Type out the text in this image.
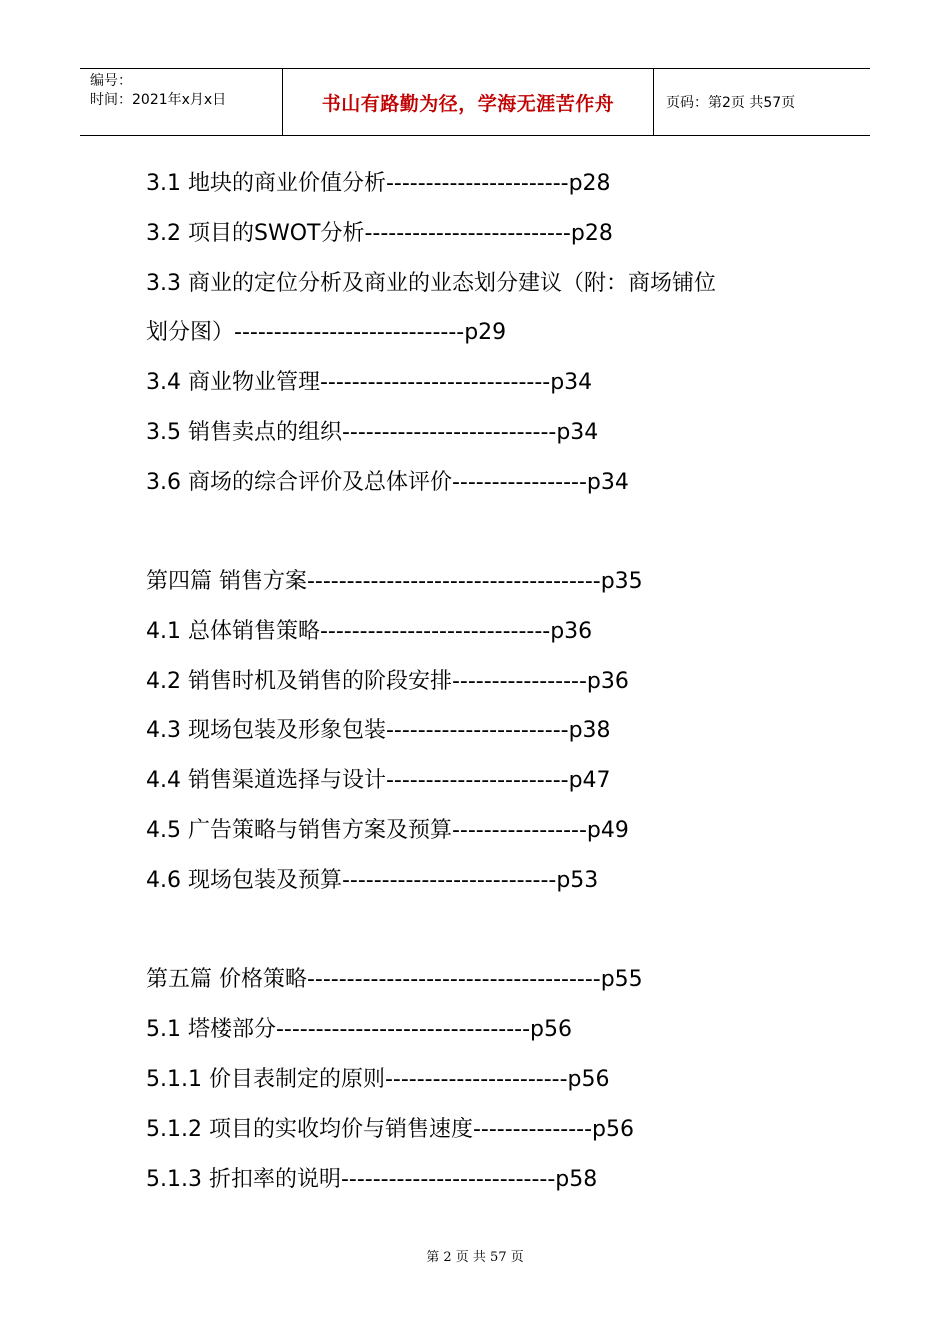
编号：
时间：2021年x月x日	书山有路勤为径，学海无涯苦作舟	页码：第2页 共57页
3.1 地块的商业价值分析-----------------------p28
3.2 项目的SWOT分析--------------------------p28
3.3 商业的定位分析及商业的业态划分建议（附：商场铺位
划分图）-----------------------------p29
3.4 商业物业管理-----------------------------p34
3.5 销售卖点的组织---------------------------p34
3.6 商场的综合评价及总体评价-----------------p34
第四篇 销售方案-------------------------------------p35
4.1 总体销售策略-----------------------------p36
4.2 销售时机及销售的阶段安排-----------------p36
4.3 现场包装及形象包装-----------------------p38
4.4 销售渠道选择与设计-----------------------p47
4.5 广告策略与销售方案及预算-----------------p49
4.6 现场包装及预算---------------------------p53
第五篇 价格策略-------------------------------------p55
5.1 塔楼部分--------------------------------p56
5.1.1 价目表制定的原则-----------------------p56
5.1.2 项目的实收均价与销售速度---------------p56
5.1.3 折扣率的说明---------------------------p58
第 2 页 共 57 页
